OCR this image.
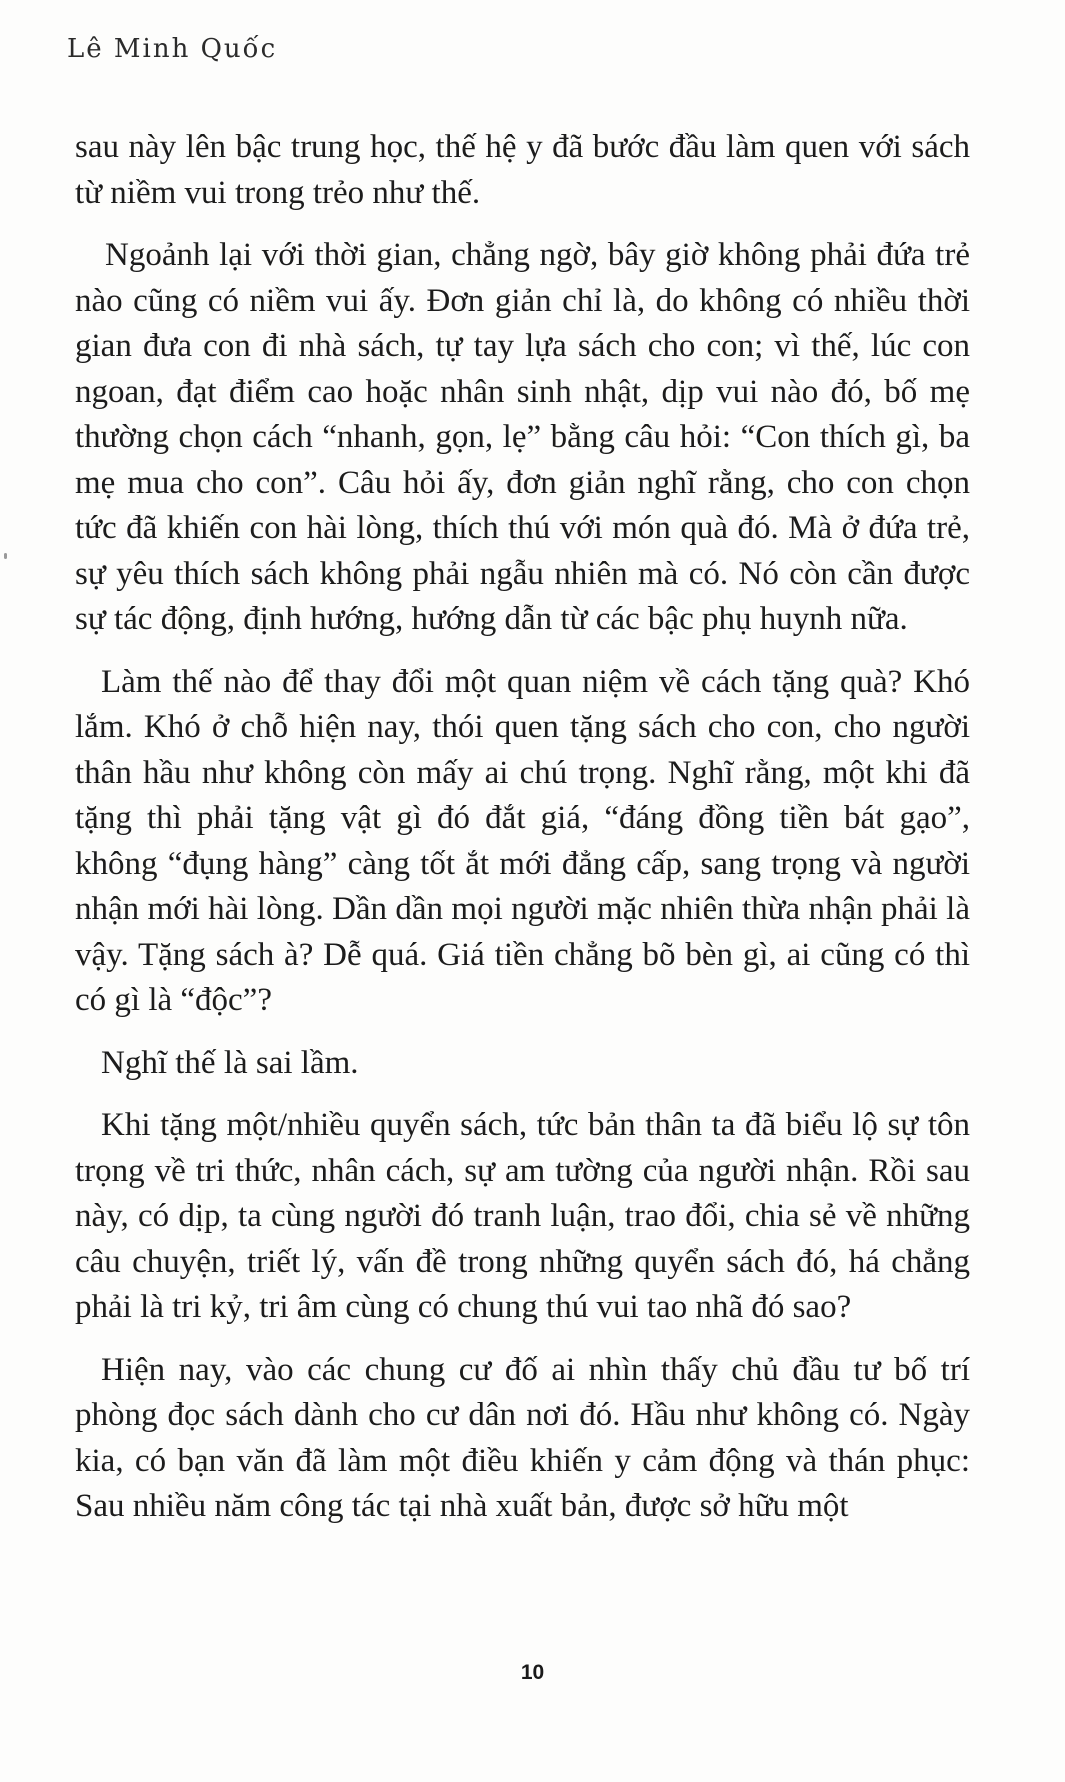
Lê Minh Quốc

sau này lên bậc trung học, thế hệ y đã bước đầu làm quen với sách từ niềm vui trong trẻo như thế.

Ngoảnh lại với thời gian, chẳng ngờ, bây giờ không phải đứa trẻ nào cũng có niềm vui ấy. Đơn giản chỉ là, do không có nhiều thời gian đưa con đi nhà sách, tự tay lựa sách cho con; vì thế, lúc con ngoan, đạt điểm cao hoặc nhân sinh nhật, dịp vui nào đó, bố mẹ thường chọn cách “nhanh, gọn, lẹ” bằng câu hỏi: “Con thích gì, ba mẹ mua cho con”. Câu hỏi ấy, đơn giản nghĩ rằng, cho con chọn tức đã khiến con hài lòng, thích thú với món quà đó. Mà ở đứa trẻ, sự yêu thích sách không phải ngẫu nhiên mà có. Nó còn cần được sự tác động, định hướng, hướng dẫn từ các bậc phụ huynh nữa.

Làm thế nào để thay đổi một quan niệm về cách tặng quà? Khó lắm. Khó ở chỗ hiện nay, thói quen tặng sách cho con, cho người thân hầu như không còn mấy ai chú trọng. Nghĩ rằng, một khi đã tặng thì phải tặng vật gì đó đắt giá, “đáng đồng tiền bát gạo”, không “đụng hàng” càng tốt ắt mới đẳng cấp, sang trọng và người nhận mới hài lòng. Dần dần mọi người mặc nhiên thừa nhận phải là vậy. Tặng sách à? Dễ quá. Giá tiền chẳng bõ bèn gì, ai cũng có thì có gì là “độc”?

Nghĩ thế là sai lầm.

Khi tặng một/nhiều quyển sách, tức bản thân ta đã biểu lộ sự tôn trọng về tri thức, nhân cách, sự am tường của người nhận. Rồi sau này, có dịp, ta cùng người đó tranh luận, trao đổi, chia sẻ về những câu chuyện, triết lý, vấn đề trong những quyển sách đó, há chẳng phải là tri kỷ, tri âm cùng có chung thú vui tao nhã đó sao?

Hiện nay, vào các chung cư đố ai nhìn thấy chủ đầu tư bố trí phòng đọc sách dành cho cư dân nơi đó. Hầu như không có. Ngày kia, có bạn văn đã làm một điều khiến y cảm động và thán phục: Sau nhiều năm công tác tại nhà xuất bản, được sở hữu một

10
